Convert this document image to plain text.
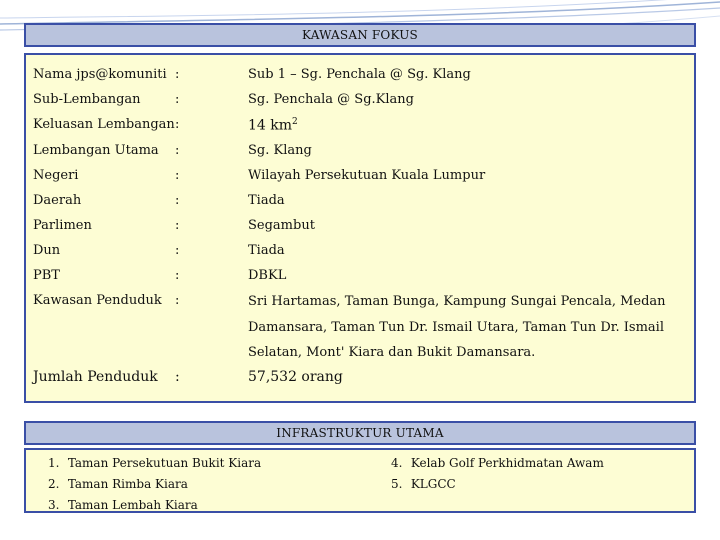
KAWASAN FOKUS
Nama jps@komuniti :	Sub 1 – Sg. Penchala @ Sg. Klang
Sub-Lembangan	:	Sg. Penchala @ Sg.Klang
Keluasan Lembangan :	14 $km^2$
Lembangan Utama :	Sg. Klang
Negeri	:	Wilayah Persekutuan Kuala Lumpur
Daerah	:	Tiada
Parlimen	:	Segambut
Dun	:	Tiada
PBT	:	DBKL
Kawasan Penduduk :	Sri Hartamas, Taman Bunga, Kampung Sungai Pencala, Medan Damansara, Taman Tun Dr. Ismail Utara, Taman Tun Dr. Ismail Selatan, Mont' Kiara dan Bukit Damansara.
Jumlah Penduduk :	57,532 orang
INFRASTRUKTUR UTAMA
1. Taman Persekutuan Bukit Kiara
2. Taman Rimba Kiara
3. Taman Lembah Kiara
4. Kelab Golf Perkhidmatan Awam
5. KLGCC
